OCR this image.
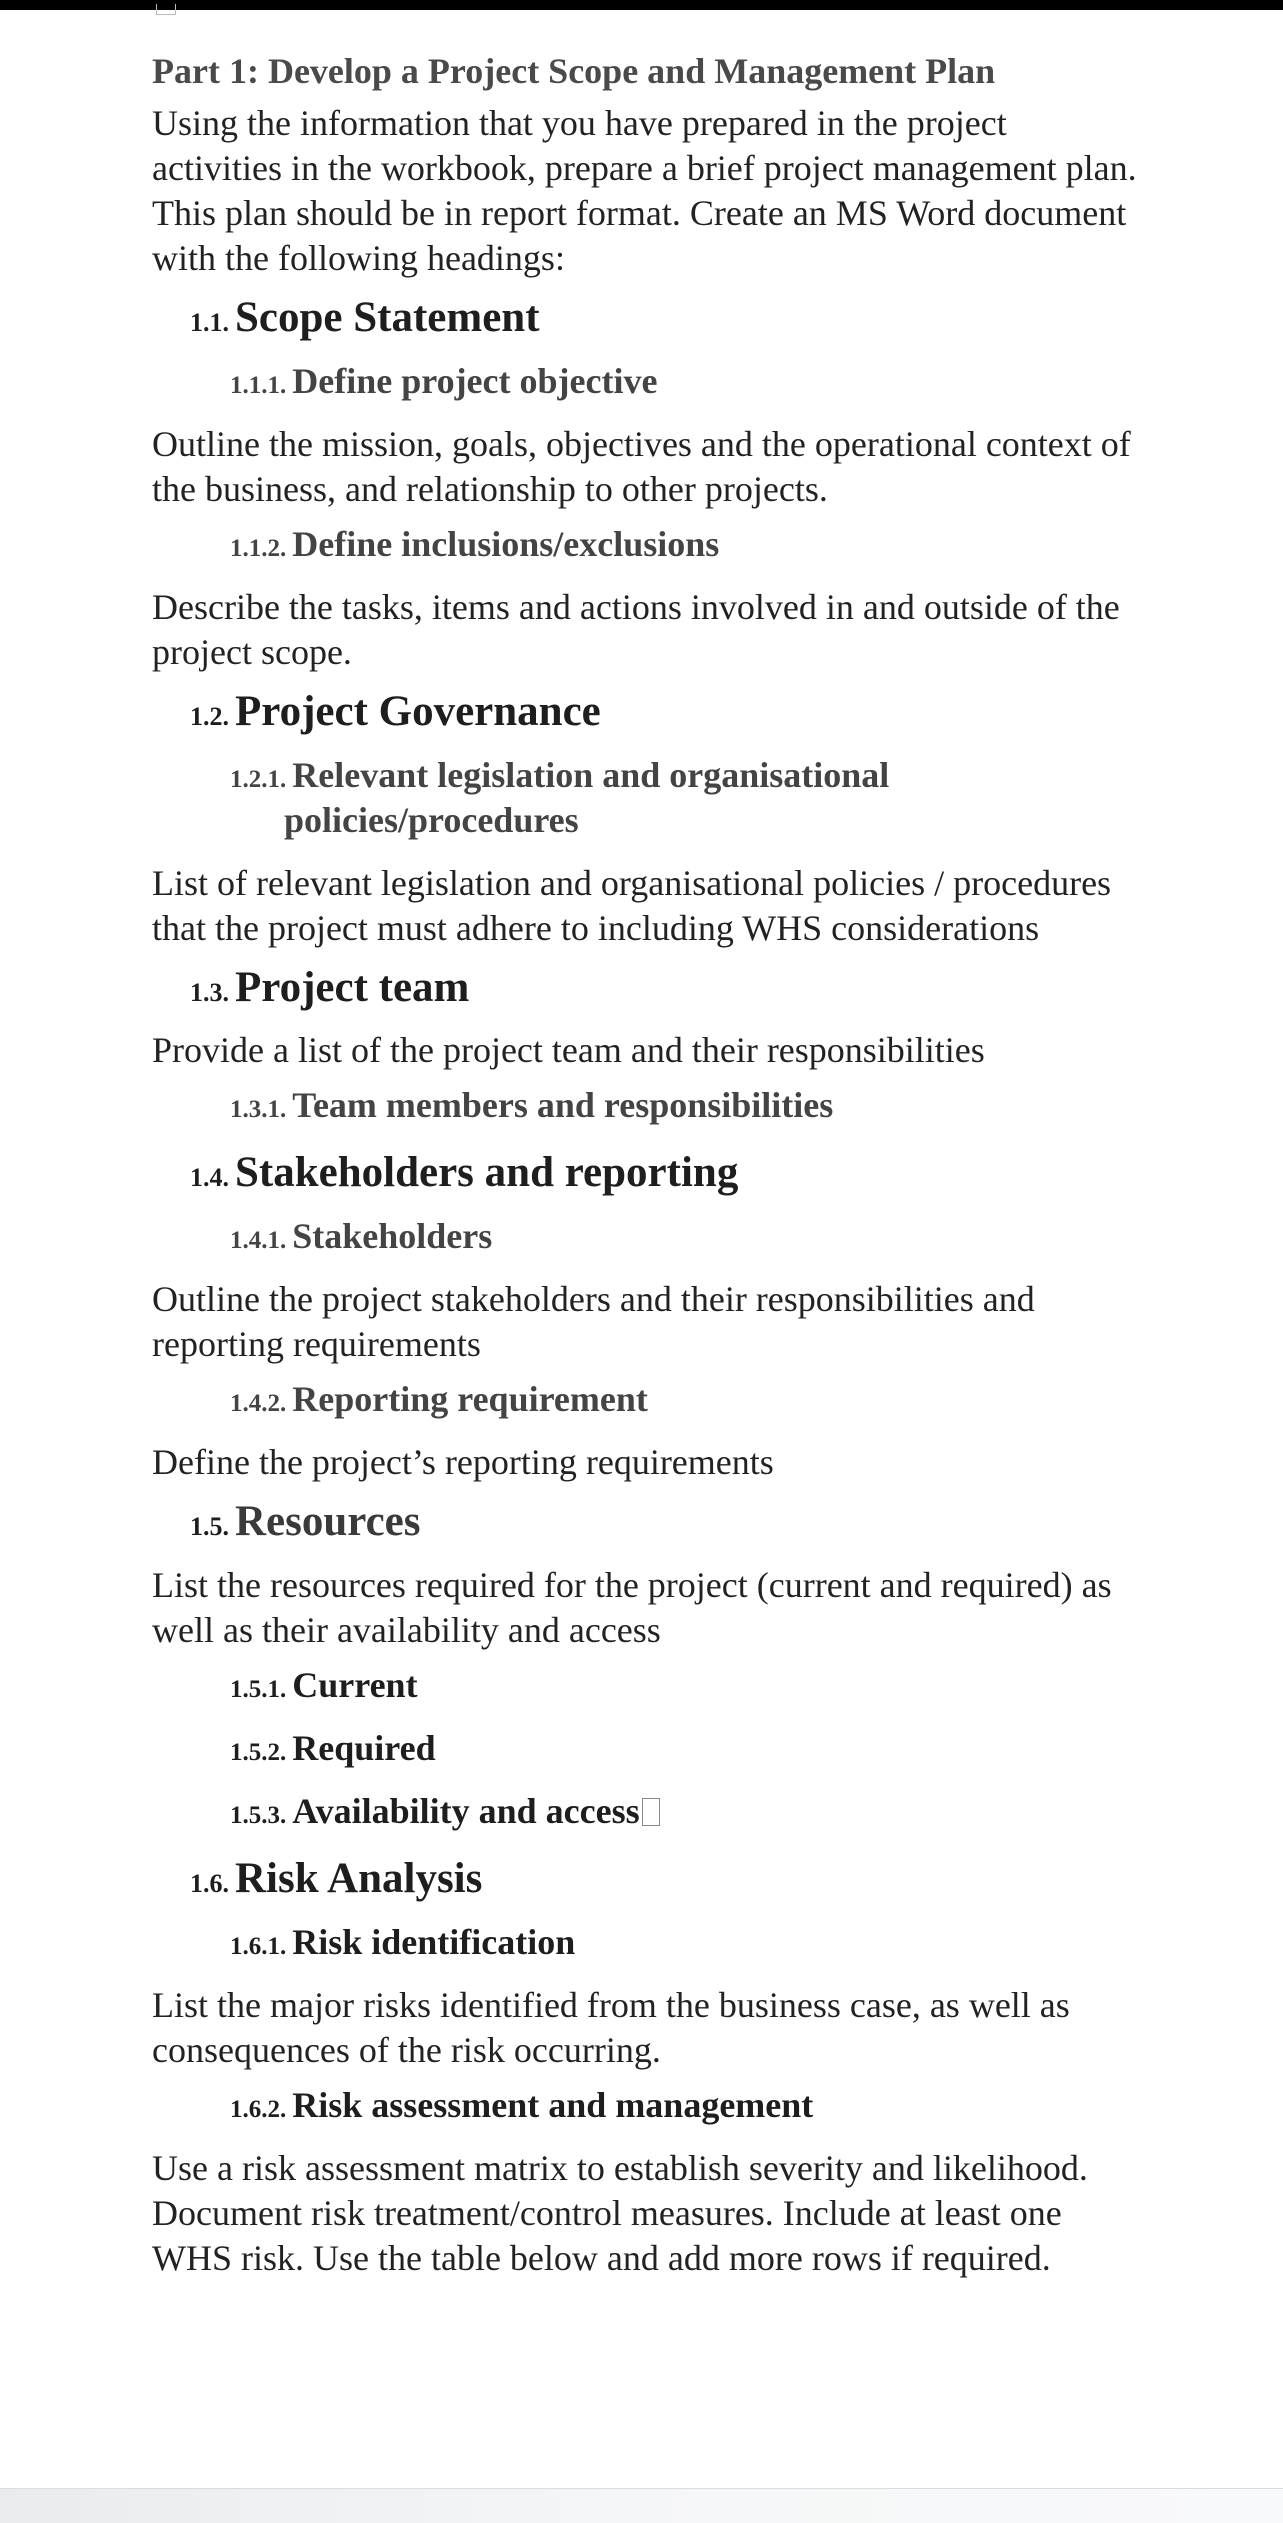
Part 1: Develop a Project Scope and Management Plan
Using the information that you have prepared in the project activities in the workbook, prepare a brief project management plan. This plan should be in report format. Create an MS Word document with the following headings:
1.1. Scope Statement
1.1.1. Define project objective
Outline the mission, goals, objectives and the operational context of the business, and relationship to other projects.
1.1.2. Define inclusions/exclusions
Describe the tasks, items and actions involved in and outside of the project scope.
1.2. Project Governance
1.2.1. Relevant legislation and organisational
policies/procedures
List of relevant legislation and organisational policies / procedures that the project must adhere to including WHS considerations
1.3. Project team
Provide a list of the project team and their responsibilities
1.3.1. Team members and responsibilities
1.4. Stakeholders and reporting
1.4.1. Stakeholders
Outline the project stakeholders and their responsibilities and reporting requirements
1.4.2. Reporting requirement
Define the project’s reporting requirements
1.5. Resources
List the resources required for the project (current and required) as well as their availability and access
1.5.1. Current
1.5.2. Required
1.5.3. Availability and access
1.6. Risk Analysis
1.6.1. Risk identification
List the major risks identified from the business case, as well as consequences of the risk occurring.
1.6.2. Risk assessment and management
Use a risk assessment matrix to establish severity and likelihood. Document risk treatment/control measures. Include at least one WHS risk. Use the table below and add more rows if required.
